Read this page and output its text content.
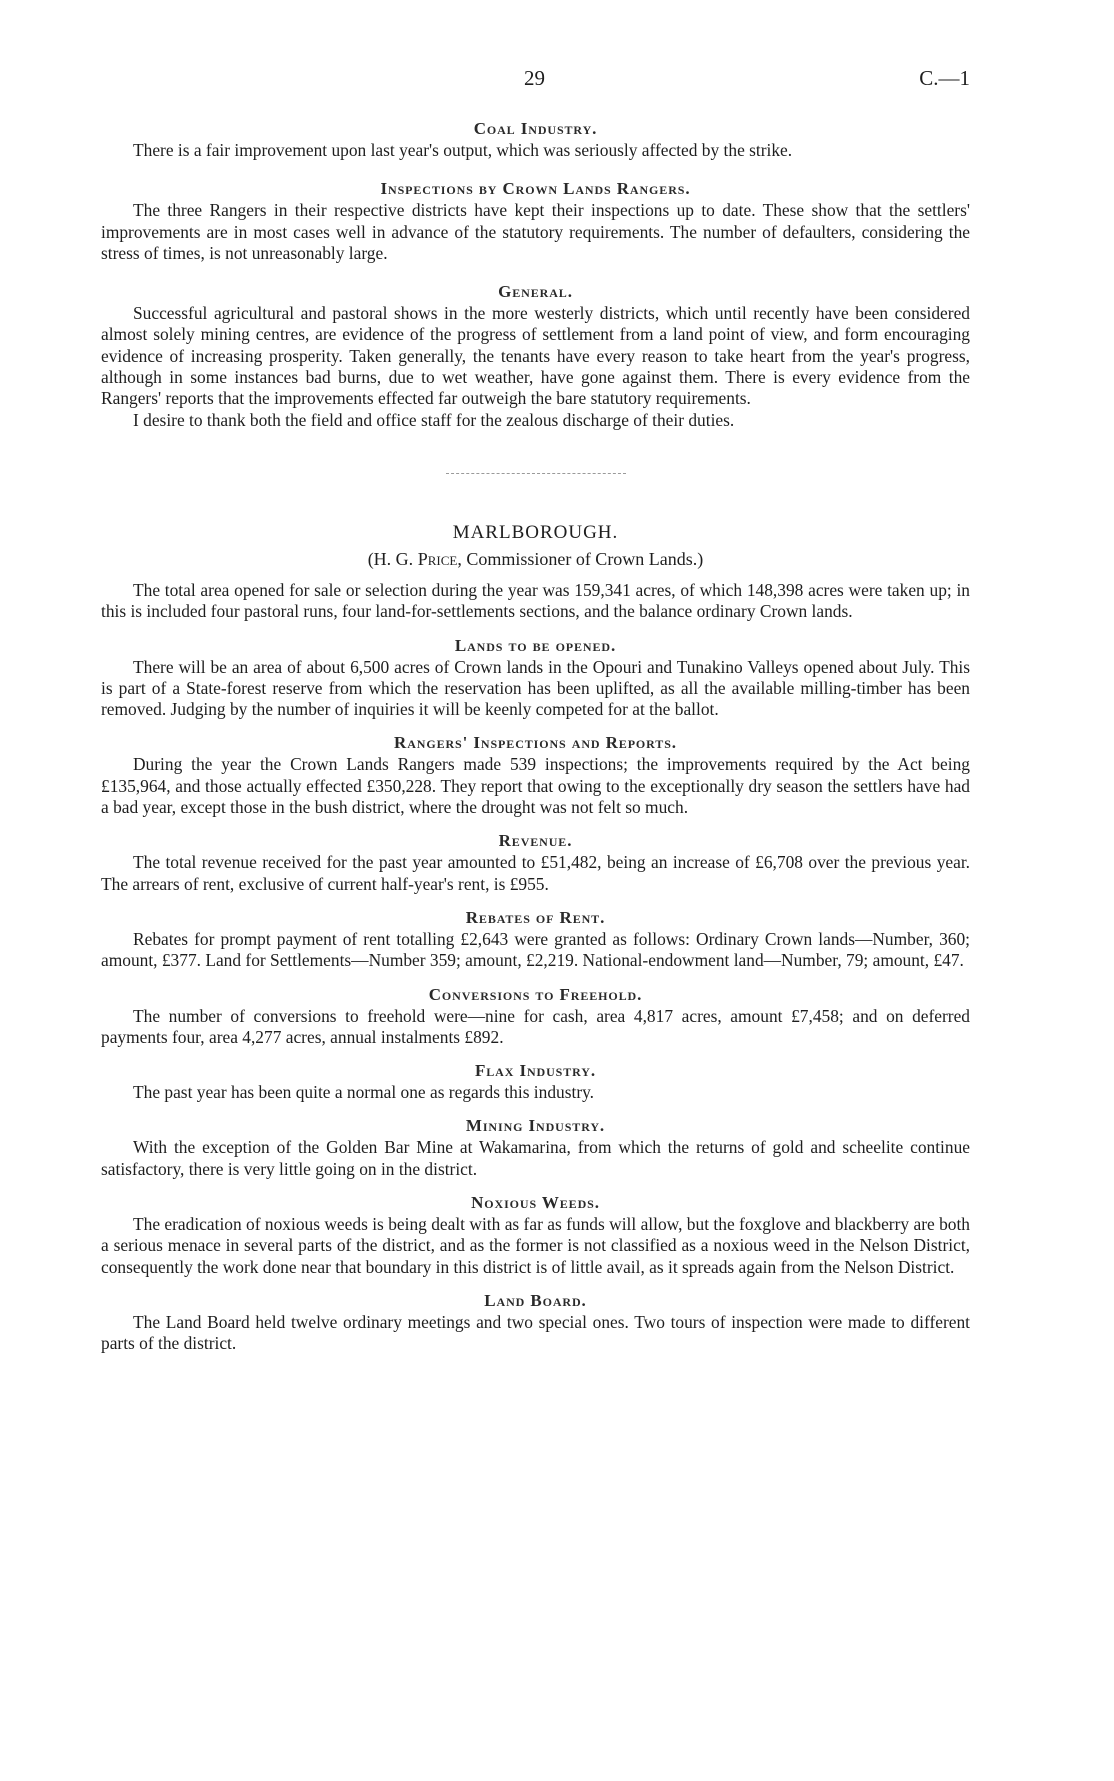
29	C.—1
Coal Industry.

There is a fair improvement upon last year's output, which was seriously affected by the strike.

Inspections by Crown Lands Rangers.

The three Rangers in their respective districts have kept their inspections up to date. These show that the settlers' improvements are in most cases well in advance of the statutory requirements. The number of defaulters, considering the stress of times, is not unreasonably large.

General.

Successful agricultural and pastoral shows in the more westerly districts, which until recently have been considered almost solely mining centres, are evidence of the progress of settlement from a land point of view, and form encouraging evidence of increasing prosperity. Taken generally, the tenants have every reason to take heart from the year's progress, although in some instances bad burns, due to wet weather, have gone against them. There is every evidence from the Rangers' reports that the improvements effected far outweigh the bare statutory requirements.

I desire to thank both the field and office staff for the zealous discharge of their duties.

MARLBOROUGH.
(H. G. Price, Commissioner of Crown Lands.)

The total area opened for sale or selection during the year was 159,341 acres, of which 148,398 acres were taken up; in this is included four pastoral runs, four land-for-settlements sections, and the balance ordinary Crown lands.

Lands to be opened.

There will be an area of about 6,500 acres of Crown lands in the Opouri and Tunakino Valleys opened about July. This is part of a State-forest reserve from which the reservation has been uplifted, as all the available milling-timber has been removed. Judging by the number of inquiries it will be keenly competed for at the ballot.

Rangers' Inspections and Reports.

During the year the Crown Lands Rangers made 539 inspections; the improvements required by the Act being £135,964, and those actually effected £350,228. They report that owing to the exceptionally dry season the settlers have had a bad year, except those in the bush district, where the drought was not felt so much.

Revenue.

The total revenue received for the past year amounted to £51,482, being an increase of £6,708 over the previous year. The arrears of rent, exclusive of current half-year's rent, is £955.

Rebates of Rent.

Rebates for prompt payment of rent totalling £2,643 were granted as follows: Ordinary Crown lands—Number, 360; amount, £377. Land for Settlements—Number 359; amount, £2,219. National-endowment land—Number, 79; amount, £47.

Conversions to Freehold.

The number of conversions to freehold were—nine for cash, area 4,817 acres, amount £7,458; and on deferred payments four, area 4,277 acres, annual instalments £892.

Flax Industry.

The past year has been quite a normal one as regards this industry.

Mining Industry.

With the exception of the Golden Bar Mine at Wakamarina, from which the returns of gold and scheelite continue satisfactory, there is very little going on in the district.

Noxious Weeds.

The eradication of noxious weeds is being dealt with as far as funds will allow, but the foxglove and blackberry are both a serious menace in several parts of the district, and as the former is not classified as a noxious weed in the Nelson District, consequently the work done near that boundary in this district is of little avail, as it spreads again from the Nelson District.

Land Board.

The Land Board held twelve ordinary meetings and two special ones. Two tours of inspection were made to different parts of the district.
